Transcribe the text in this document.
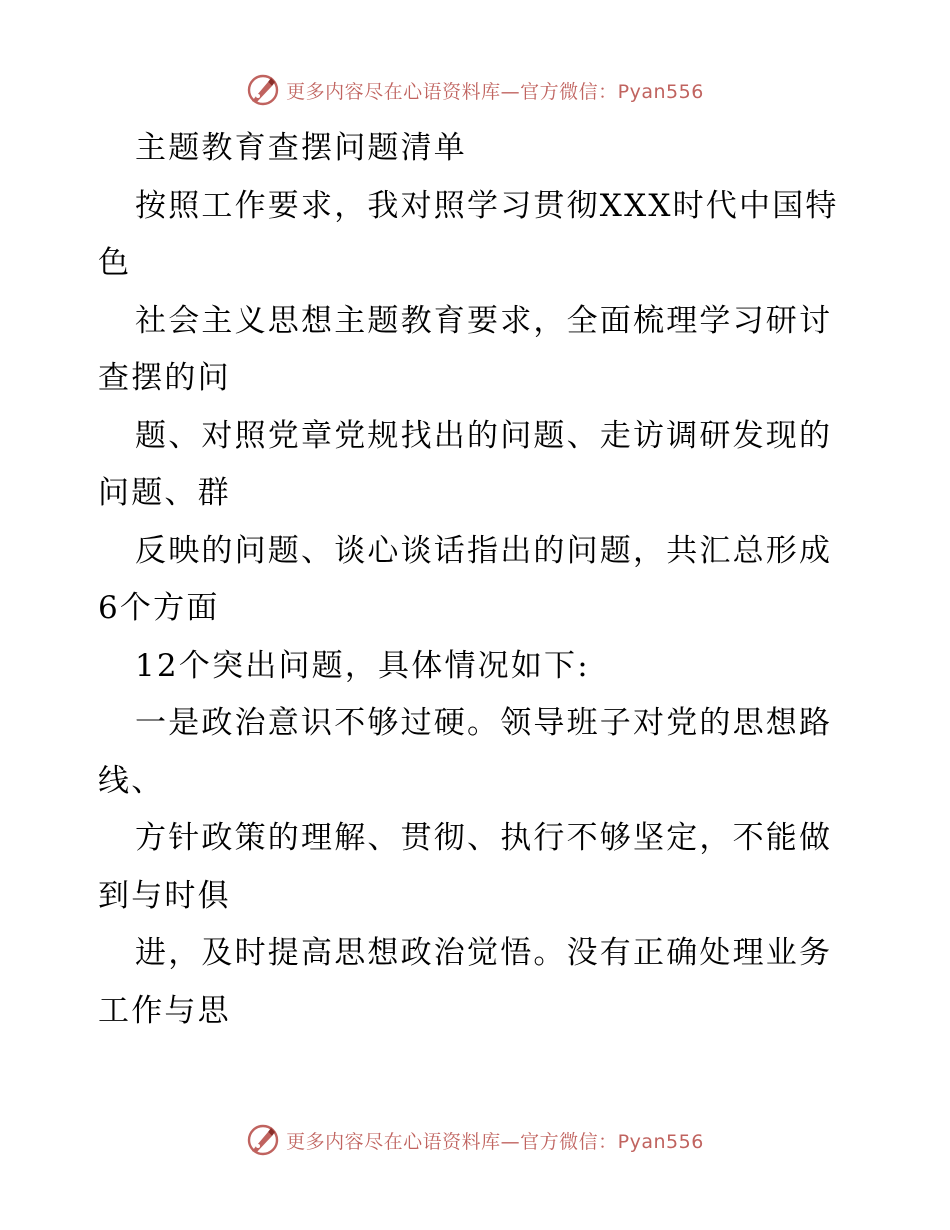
更多内容尽在心语资料库—官方微信：Pyan556
主题教育查摆问题清单
按照工作要求，我对照学习贯彻XXX时代中国特
色
社会主义思想主题教育要求，全面梳理学习研讨
查摆的问
题、对照党章党规找出的问题、走访调研发现的
问题、群
反映的问题、谈心谈话指出的问题，共汇总形成
6个方面
12个突出问题，具体情况如下:
一是政治意识不够过硬。领导班子对党的思想路
线、
方针政策的理解、贯彻、执行不够坚定，不能做
到与时俱
进，及时提高思想政治觉悟。没有正确处理业务
工作与思
更多内容尽在心语资料库—官方微信：Pyan556
